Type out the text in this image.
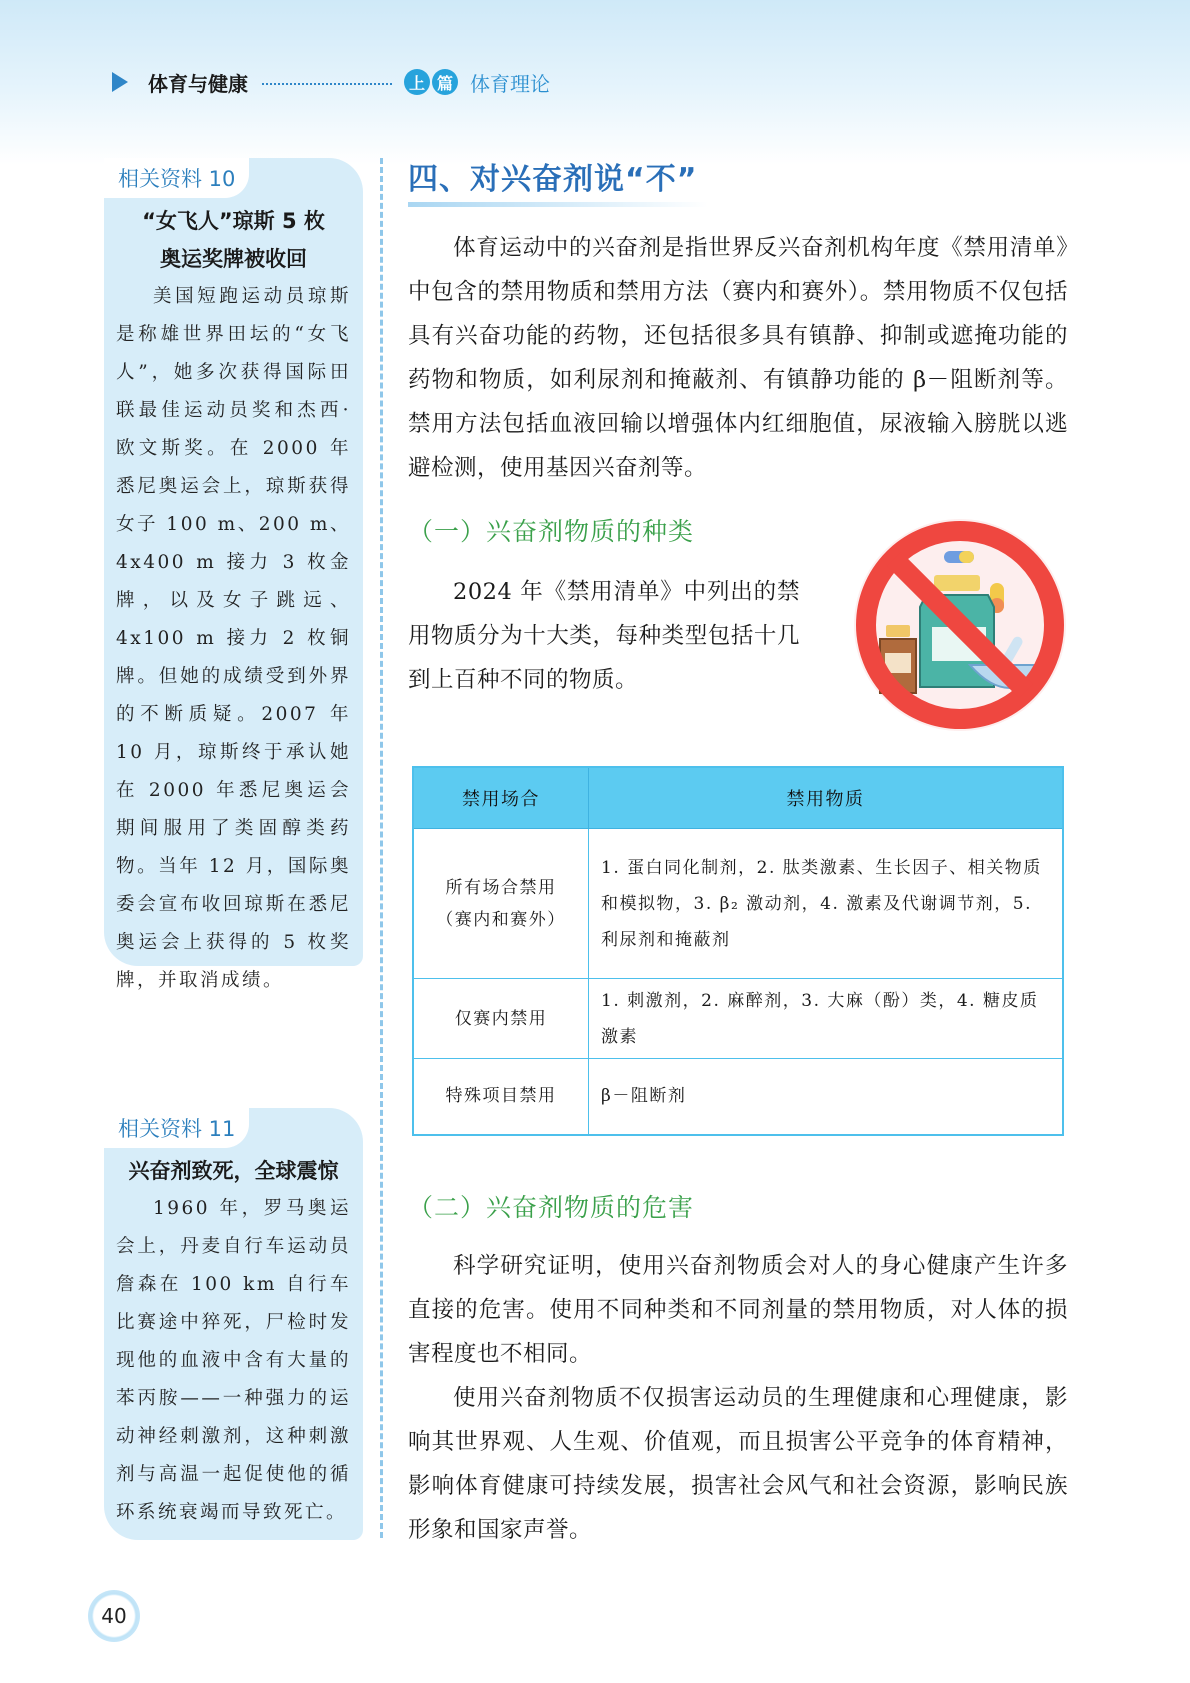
体育与健康	上 篇 体育理论
相关资料 10
“女飞人”琼斯 5 枚
奥运奖牌被收回
美国短跑运动员琼斯是称雄世界田坛的“女飞人”，她多次获得国际田联最佳运动员奖和杰西·欧文斯奖。在 2000 年悉尼奥运会上，琼斯获得女子 100 m、200 m、4x400 m 接力 3 枚金牌，以及女子跳远、4x100 m 接力 2 枚铜牌。但她的成绩受到外界的不断质疑。2007 年 10 月，琼斯终于承认她在 2000 年悉尼奥运会期间服用了类固醇类药物。当年 12 月，国际奥委会宣布收回琼斯在悉尼奥运会上获得的 5 枚奖牌，并取消成绩。
相关资料 11
兴奋剂致死，全球震惊
1960 年，罗马奥运会上，丹麦自行车运动员詹森在 100 km 自行车比赛途中猝死，尸检时发现他的血液中含有大量的苯丙胺——一种强力的运动神经刺激剂，这种刺激剂与高温一起促使他的循环系统衰竭而导致死亡。
四、对兴奋剂说“不”
体育运动中的兴奋剂是指世界反兴奋剂机构年度《禁用清单》中包含的禁用物质和禁用方法（赛内和赛外）。禁用物质不仅包括具有兴奋功能的药物，还包括很多具有镇静、抑制或遮掩功能的药物和物质，如利尿剂和掩蔽剂、有镇静功能的 β－阻断剂等。禁用方法包括血液回输以增强体内红细胞值，尿液输入膀胱以逃避检测，使用基因兴奋剂等。
（一）兴奋剂物质的种类
2024 年《禁用清单》中列出的禁用物质分为十大类，每种类型包括十几到上百种不同的物质。
禁用场合	禁用物质

所有场合禁用
（赛内和赛外）	1. 蛋白同化制剂，2. 肽类激素、生长因子、相关物质和模拟物，3. β₂ 激动剂，4. 激素及代谢调节剂，5. 利尿剂和掩蔽剂

仅赛内禁用	1. 刺激剂，2. 麻醉剂，3. 大麻（酚）类，4. 糖皮质激素

特殊项目禁用	β－阻断剂
（二）兴奋剂物质的危害
科学研究证明，使用兴奋剂物质会对人的身心健康产生许多直接的危害。使用不同种类和不同剂量的禁用物质，对人体的损害程度也不相同。
使用兴奋剂物质不仅损害运动员的生理健康和心理健康，影响其世界观、人生观、价值观，而且损害公平竞争的体育精神，影响体育健康可持续发展，损害社会风气和社会资源，影响民族形象和国家声誉。
40
